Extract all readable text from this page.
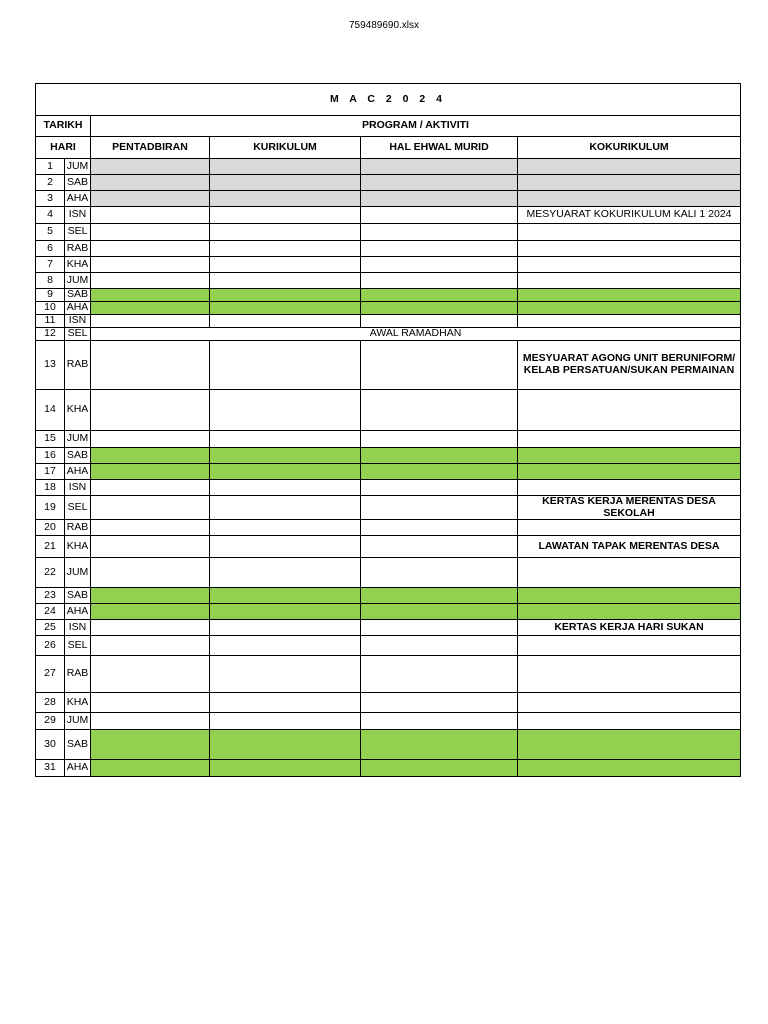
759489690.xlsx
M A C 2 0 2 4					
TARIKH		PROGRAM / AKTIVITI			
HARI		PENTADBIRAN	KURIKULUM	HAL EHWAL MURID	KOKURIKULUM
1	JUM				
2	SAB				
3	AHA				
4	ISN				MESYUARAT KOKURIKULUM KALI 1 2024
5	SEL				
6	RAB				
7	KHA				
8	JUM				
9	SAB				
10	AHA				
11	ISN				
12	SEL	AWAL RAMADHAN			
13	RAB				MESYUARAT AGONG UNIT BERUNIFORM/ KELAB PERSATUAN/SUKAN PERMAINAN
14	KHA				
15	JUM				
16	SAB				
17	AHA				
18	ISN				
19	SEL				KERTAS KERJA MERENTAS DESA SEKOLAH
20	RAB				
21	KHA				LAWATAN TAPAK MERENTAS DESA
22	JUM				
23	SAB				
24	AHA				
25	ISN				KERTAS KERJA HARI SUKAN
26	SEL				
27	RAB				
28	KHA				
29	JUM				
30	SAB				
31	AHA				
